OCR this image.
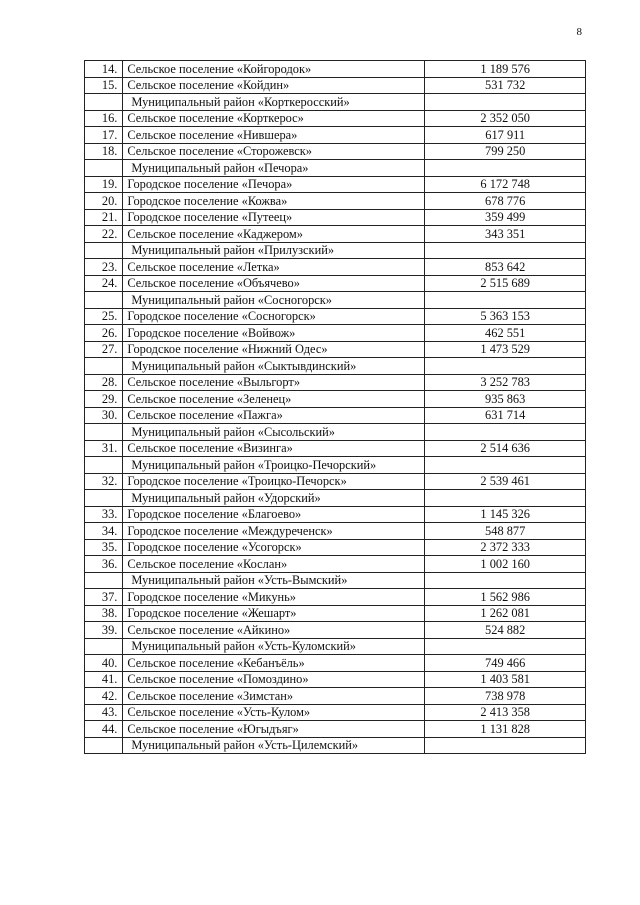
8
14.	Сельское поселение «Койгородок»	1 189 576
15.	Сельское поселение «Койдин»	531 732
	Муниципальный район «Корткеросский»	
16.	Сельское поселение «Корткерос»	2 352 050
17.	Сельское поселение «Нившера»	617 911
18.	Сельское поселение «Сторожевск»	799 250
	Муниципальный район «Печора»	
19.	Городское поселение «Печора»	6 172 748
20.	Городское поселение «Кожва»	678 776
21.	Городское поселение «Путеец»	359 499
22.	Сельское поселение «Каджером»	343 351
	Муниципальный район «Прилузский»	
23.	Сельское поселение «Летка»	853 642
24.	Сельское поселение «Объячево»	2 515 689
	Муниципальный район «Сосногорск»	
25.	Городское поселение «Сосногорск»	5 363 153
26.	Городское поселение «Войвож»	462 551
27.	Городское поселение «Нижний Одес»	1 473 529
	Муниципальный район «Сыктывдинский»	
28.	Сельское поселение «Выльгорт»	3 252 783
29.	Сельское поселение «Зеленец»	935 863
30.	Сельское поселение «Пажга»	631 714
	Муниципальный район «Сысольский»	
31.	Сельское поселение «Визинга»	2 514 636
	Муниципальный район «Троицко-Печорский»	
32.	Городское поселение «Троицко-Печорск»	2 539 461
	Муниципальный район «Удорский»	
33.	Городское поселение «Благоево»	1 145 326
34.	Городское поселение «Междуреченск»	548 877
35.	Городское поселение «Усогорск»	2 372 333
36.	Сельское поселение «Кослан»	1 002 160
	Муниципальный район «Усть-Вымский»	
37.	Городское поселение «Микунь»	1 562 986
38.	Городское поселение «Жешарт»	1 262 081
39.	Сельское поселение «Айкино»	524 882
	Муниципальный район «Усть-Куломский»	
40.	Сельское поселение «Кебанъёль»	749 466
41.	Сельское поселение «Помоздино»	1 403 581
42.	Сельское поселение «Зимстан»	738 978
43.	Сельское поселение «Усть-Кулом»	2 413 358
44.	Сельское поселение «Югыдъяг»	1 131 828
	Муниципальный район «Усть-Цилемский»	
